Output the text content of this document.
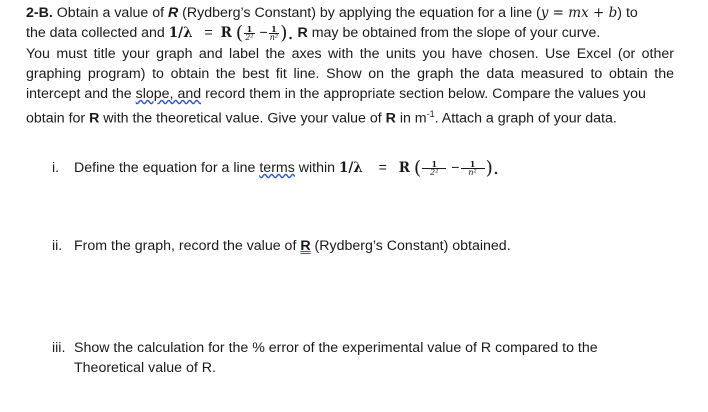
2-B. Obtain a value of R (Rydberg’s Constant) by applying the equation for a line (y = mx + b) to
the data collected and 1/λ = R ( $\frac{1}{\text{2²}} - \frac{1}{\text{n²}}$ ). R may be obtained from the slope of your curve.
You must title your graph and label the axes with the units you have chosen. Use Excel (or other
graphing program) to obtain the best fit line. Show on the graph the data measured to obtain the
intercept and the slope, and record them in the appropriate section below. Compare the values you
obtain for R with the theoretical value. Give your value of R in $m^{-1}$. Attach a graph of your data.
i. Define the equation for a line terms within 1/λ = R ($\frac{1}{\text{2²}} -\frac{1}{\text{n²}}$ ).
ii. From the graph, record the value of R (Rydberg’s Constant) obtained.
iii. Show the calculation for the % error of the experimental value of R compared to the
Theoretical value of R.
